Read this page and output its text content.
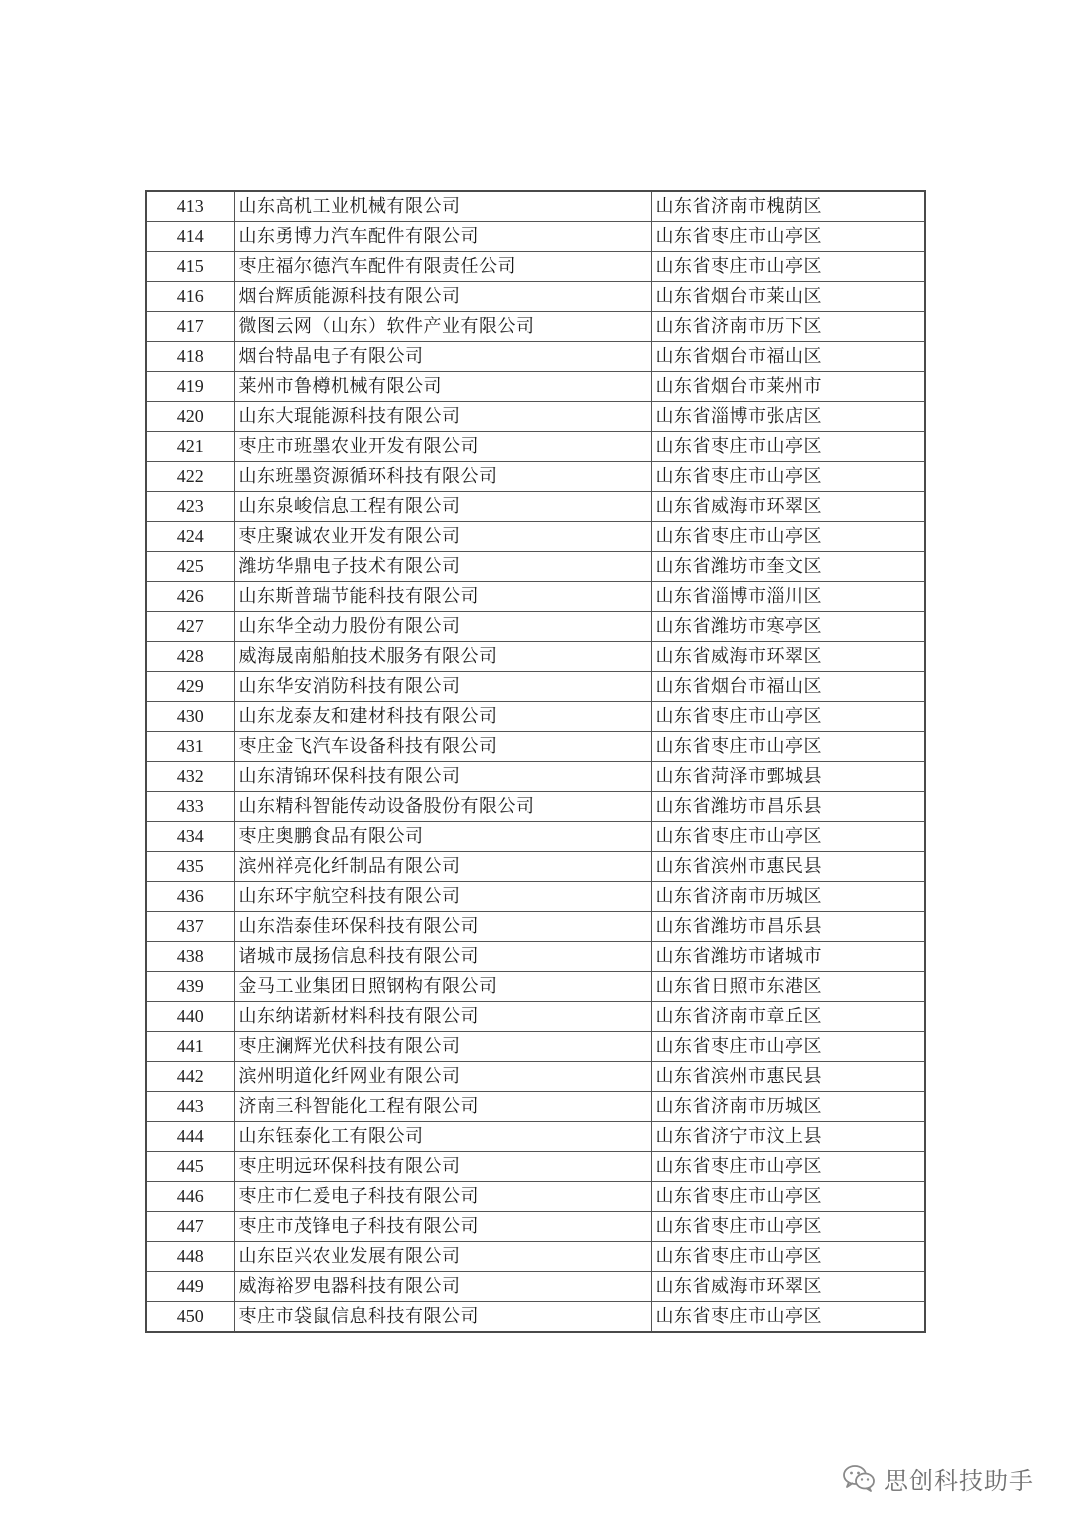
413	山东高机工业机械有限公司	山东省济南市槐荫区
414	山东勇博力汽车配件有限公司	山东省枣庄市山亭区
415	枣庄福尔德汽车配件有限责任公司	山东省枣庄市山亭区
416	烟台辉质能源科技有限公司	山东省烟台市莱山区
417	微图云网（山东）软件产业有限公司	山东省济南市历下区
418	烟台特晶电子有限公司	山东省烟台市福山区
419	莱州市鲁樽机械有限公司	山东省烟台市莱州市
420	山东大琨能源科技有限公司	山东省淄博市张店区
421	枣庄市班墨农业开发有限公司	山东省枣庄市山亭区
422	山东班墨资源循环科技有限公司	山东省枣庄市山亭区
423	山东泉峻信息工程有限公司	山东省威海市环翠区
424	枣庄聚诚农业开发有限公司	山东省枣庄市山亭区
425	潍坊华鼎电子技术有限公司	山东省潍坊市奎文区
426	山东斯普瑞节能科技有限公司	山东省淄博市淄川区
427	山东华全动力股份有限公司	山东省潍坊市寒亭区
428	威海晟南船舶技术服务有限公司	山东省威海市环翠区
429	山东华安消防科技有限公司	山东省烟台市福山区
430	山东龙泰友和建材科技有限公司	山东省枣庄市山亭区
431	枣庄金飞汽车设备科技有限公司	山东省枣庄市山亭区
432	山东清锦环保科技有限公司	山东省菏泽市鄄城县
433	山东精科智能传动设备股份有限公司	山东省潍坊市昌乐县
434	枣庄奥鹏食品有限公司	山东省枣庄市山亭区
435	滨州祥亮化纤制品有限公司	山东省滨州市惠民县
436	山东环宇航空科技有限公司	山东省济南市历城区
437	山东浩泰佳环保科技有限公司	山东省潍坊市昌乐县
438	诸城市晟扬信息科技有限公司	山东省潍坊市诸城市
439	金马工业集团日照钢构有限公司	山东省日照市东港区
440	山东纳诺新材料科技有限公司	山东省济南市章丘区
441	枣庄澜辉光伏科技有限公司	山东省枣庄市山亭区
442	滨州明道化纤网业有限公司	山东省滨州市惠民县
443	济南三科智能化工程有限公司	山东省济南市历城区
444	山东钰泰化工有限公司	山东省济宁市汶上县
445	枣庄明远环保科技有限公司	山东省枣庄市山亭区
446	枣庄市仁爰电子科技有限公司	山东省枣庄市山亭区
447	枣庄市茂锋电子科技有限公司	山东省枣庄市山亭区
448	山东臣兴农业发展有限公司	山东省枣庄市山亭区
449	威海裕罗电器科技有限公司	山东省威海市环翠区
450	枣庄市袋鼠信息科技有限公司	山东省枣庄市山亭区
思创科技助手
